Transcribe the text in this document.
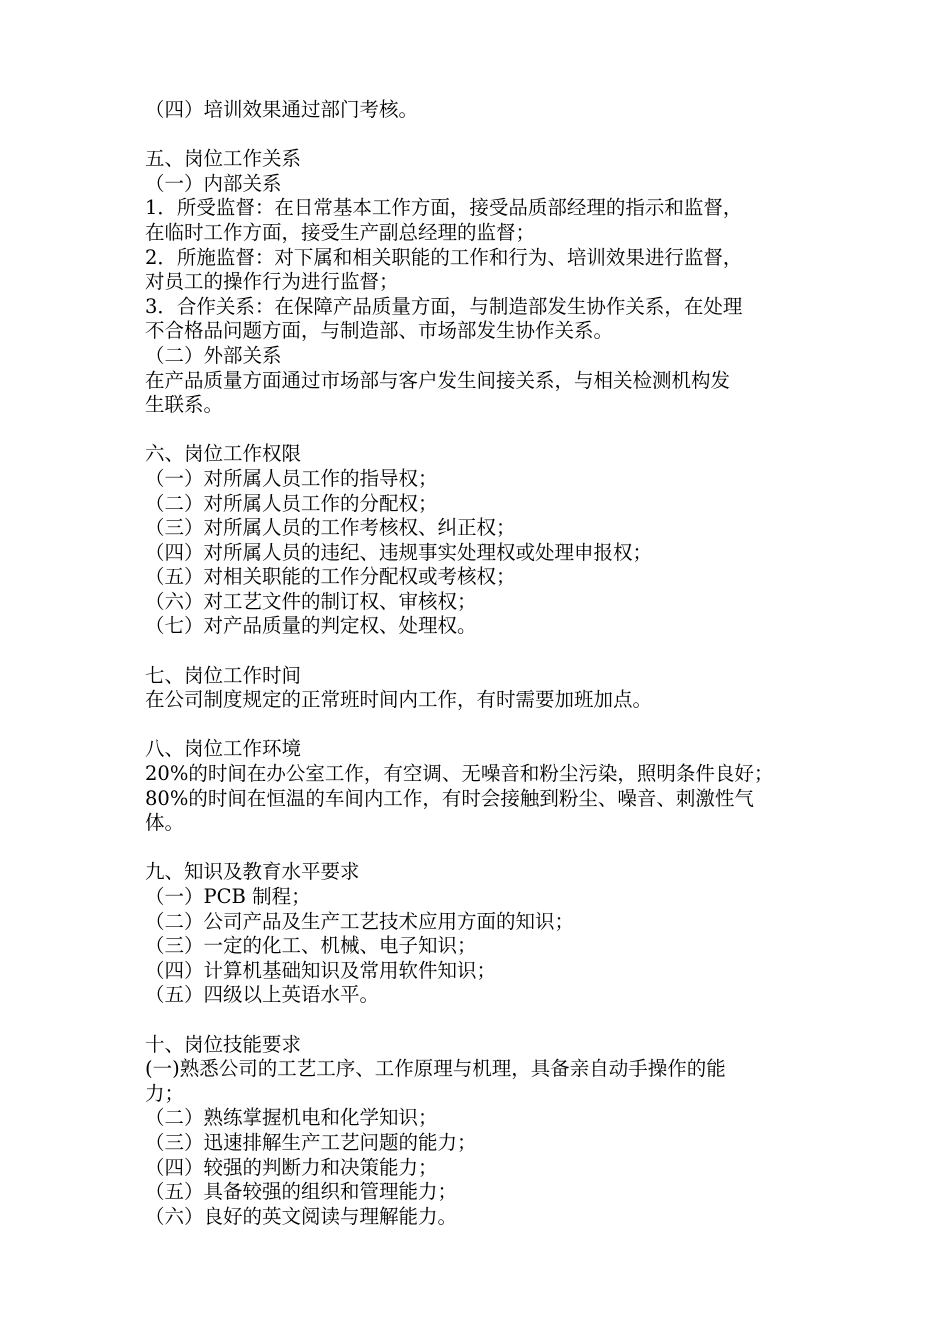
（四）培训效果通过部门考核。
五、岗位工作关系
（一）内部关系
1．所受监督：在日常基本工作方面，接受品质部经理的指示和监督，
在临时工作方面，接受生产副总经理的监督；
2．所施监督：对下属和相关职能的工作和行为、培训效果进行监督，
对员工的操作行为进行监督；
3．合作关系：在保障产品质量方面，与制造部发生协作关系，在处理
不合格品问题方面，与制造部、市场部发生协作关系。
（二）外部关系
在产品质量方面通过市场部与客户发生间接关系，与相关检测机构发
生联系。
六、岗位工作权限
（一）对所属人员工作的指导权；
（二）对所属人员工作的分配权；
（三）对所属人员的工作考核权、纠正权；
（四）对所属人员的违纪、违规事实处理权或处理申报权；
（五）对相关职能的工作分配权或考核权；
（六）对工艺文件的制订权、审核权；
（七）对产品质量的判定权、处理权。
七、岗位工作时间
在公司制度规定的正常班时间内工作，有时需要加班加点。
八、岗位工作环境
20%的时间在办公室工作，有空调、无噪音和粉尘污染，照明条件良好；
80%的时间在恒温的车间内工作，有时会接触到粉尘、噪音、刺激性气
体。
九、知识及教育水平要求
（一）PCB 制程；
（二）公司产品及生产工艺技术应用方面的知识；
（三）一定的化工、机械、电子知识；
（四）计算机基础知识及常用软件知识；
（五）四级以上英语水平。
十、岗位技能要求
(一)熟悉公司的工艺工序、工作原理与机理，具备亲自动手操作的能
力；
（二）熟练掌握机电和化学知识；
（三）迅速排解生产工艺问题的能力；
（四）较强的判断力和决策能力；
（五）具备较强的组织和管理能力；
（六）良好的英文阅读与理解能力。
